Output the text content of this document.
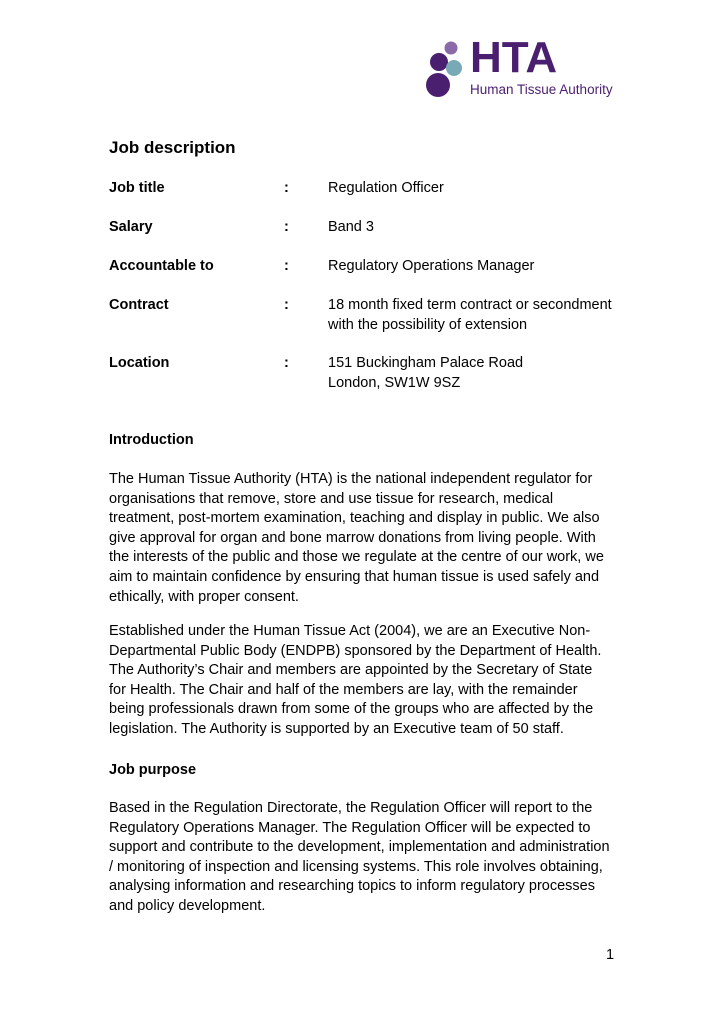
HTA
Human Tissue Authority
Job description
Job title	:	Regulation Officer
Salary	:	Band 3
Accountable to	:	Regulatory Operations Manager
Contract	:	18 month fixed term contract or secondment
with the possibility of extension
Location	:	151 Buckingham Palace Road
London, SW1W 9SZ
Introduction
The Human Tissue Authority (HTA) is the national independent regulator for
organisations that remove, store and use tissue for research, medical
treatment, post-mortem examination, teaching and display in public. We also
give approval for organ and bone marrow donations from living people. With
the interests of the public and those we regulate at the centre of our work, we
aim to maintain confidence by ensuring that human tissue is used safely and
ethically, with proper consent.
Established under the Human Tissue Act (2004), we are an Executive Non-
Departmental Public Body (ENDPB) sponsored by the Department of Health.
The Authority’s Chair and members are appointed by the Secretary of State
for Health. The Chair and half of the members are lay, with the remainder
being professionals drawn from some of the groups who are affected by the
legislation. The Authority is supported by an Executive team of 50 staff.
Job purpose
Based in the Regulation Directorate, the Regulation Officer will report to the
Regulatory Operations Manager. The Regulation Officer will be expected to
support and contribute to the development, implementation and administration
/ monitoring of inspection and licensing systems. This role involves obtaining,
analysing information and researching topics to inform regulatory processes
and policy development.
1
